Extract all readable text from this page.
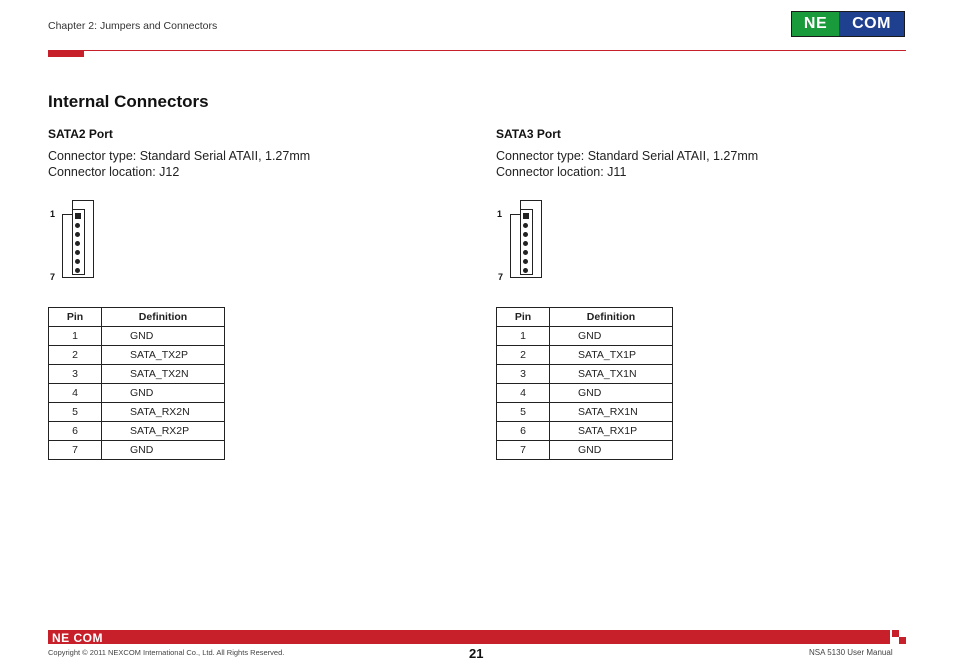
Chapter 2: Jumpers and Connectors	NE	COM
Internal Connectors
SATA2 Port
Connector type: Standard Serial ATAII, 1.27mm
Connector location: J12
1
7
Pin	Definition
1	GND
2	SATA_TX2P
3	SATA_TX2N
4	GND
5	SATA_RX2N
6	SATA_RX2P
7	GND
SATA3 Port
Connector type: Standard Serial ATAII, 1.27mm
Connector location: J11
1
7
Pin	Definition
1	GND
2	SATA_TX1P
3	SATA_TX1N
4	GND
5	SATA_RX1N
6	SATA_RX1P
7	GND
NE COM
Copyright © 2011 NEXCOM International Co., Ltd. All Rights Reserved.	21	NSA 5130 User Manual
